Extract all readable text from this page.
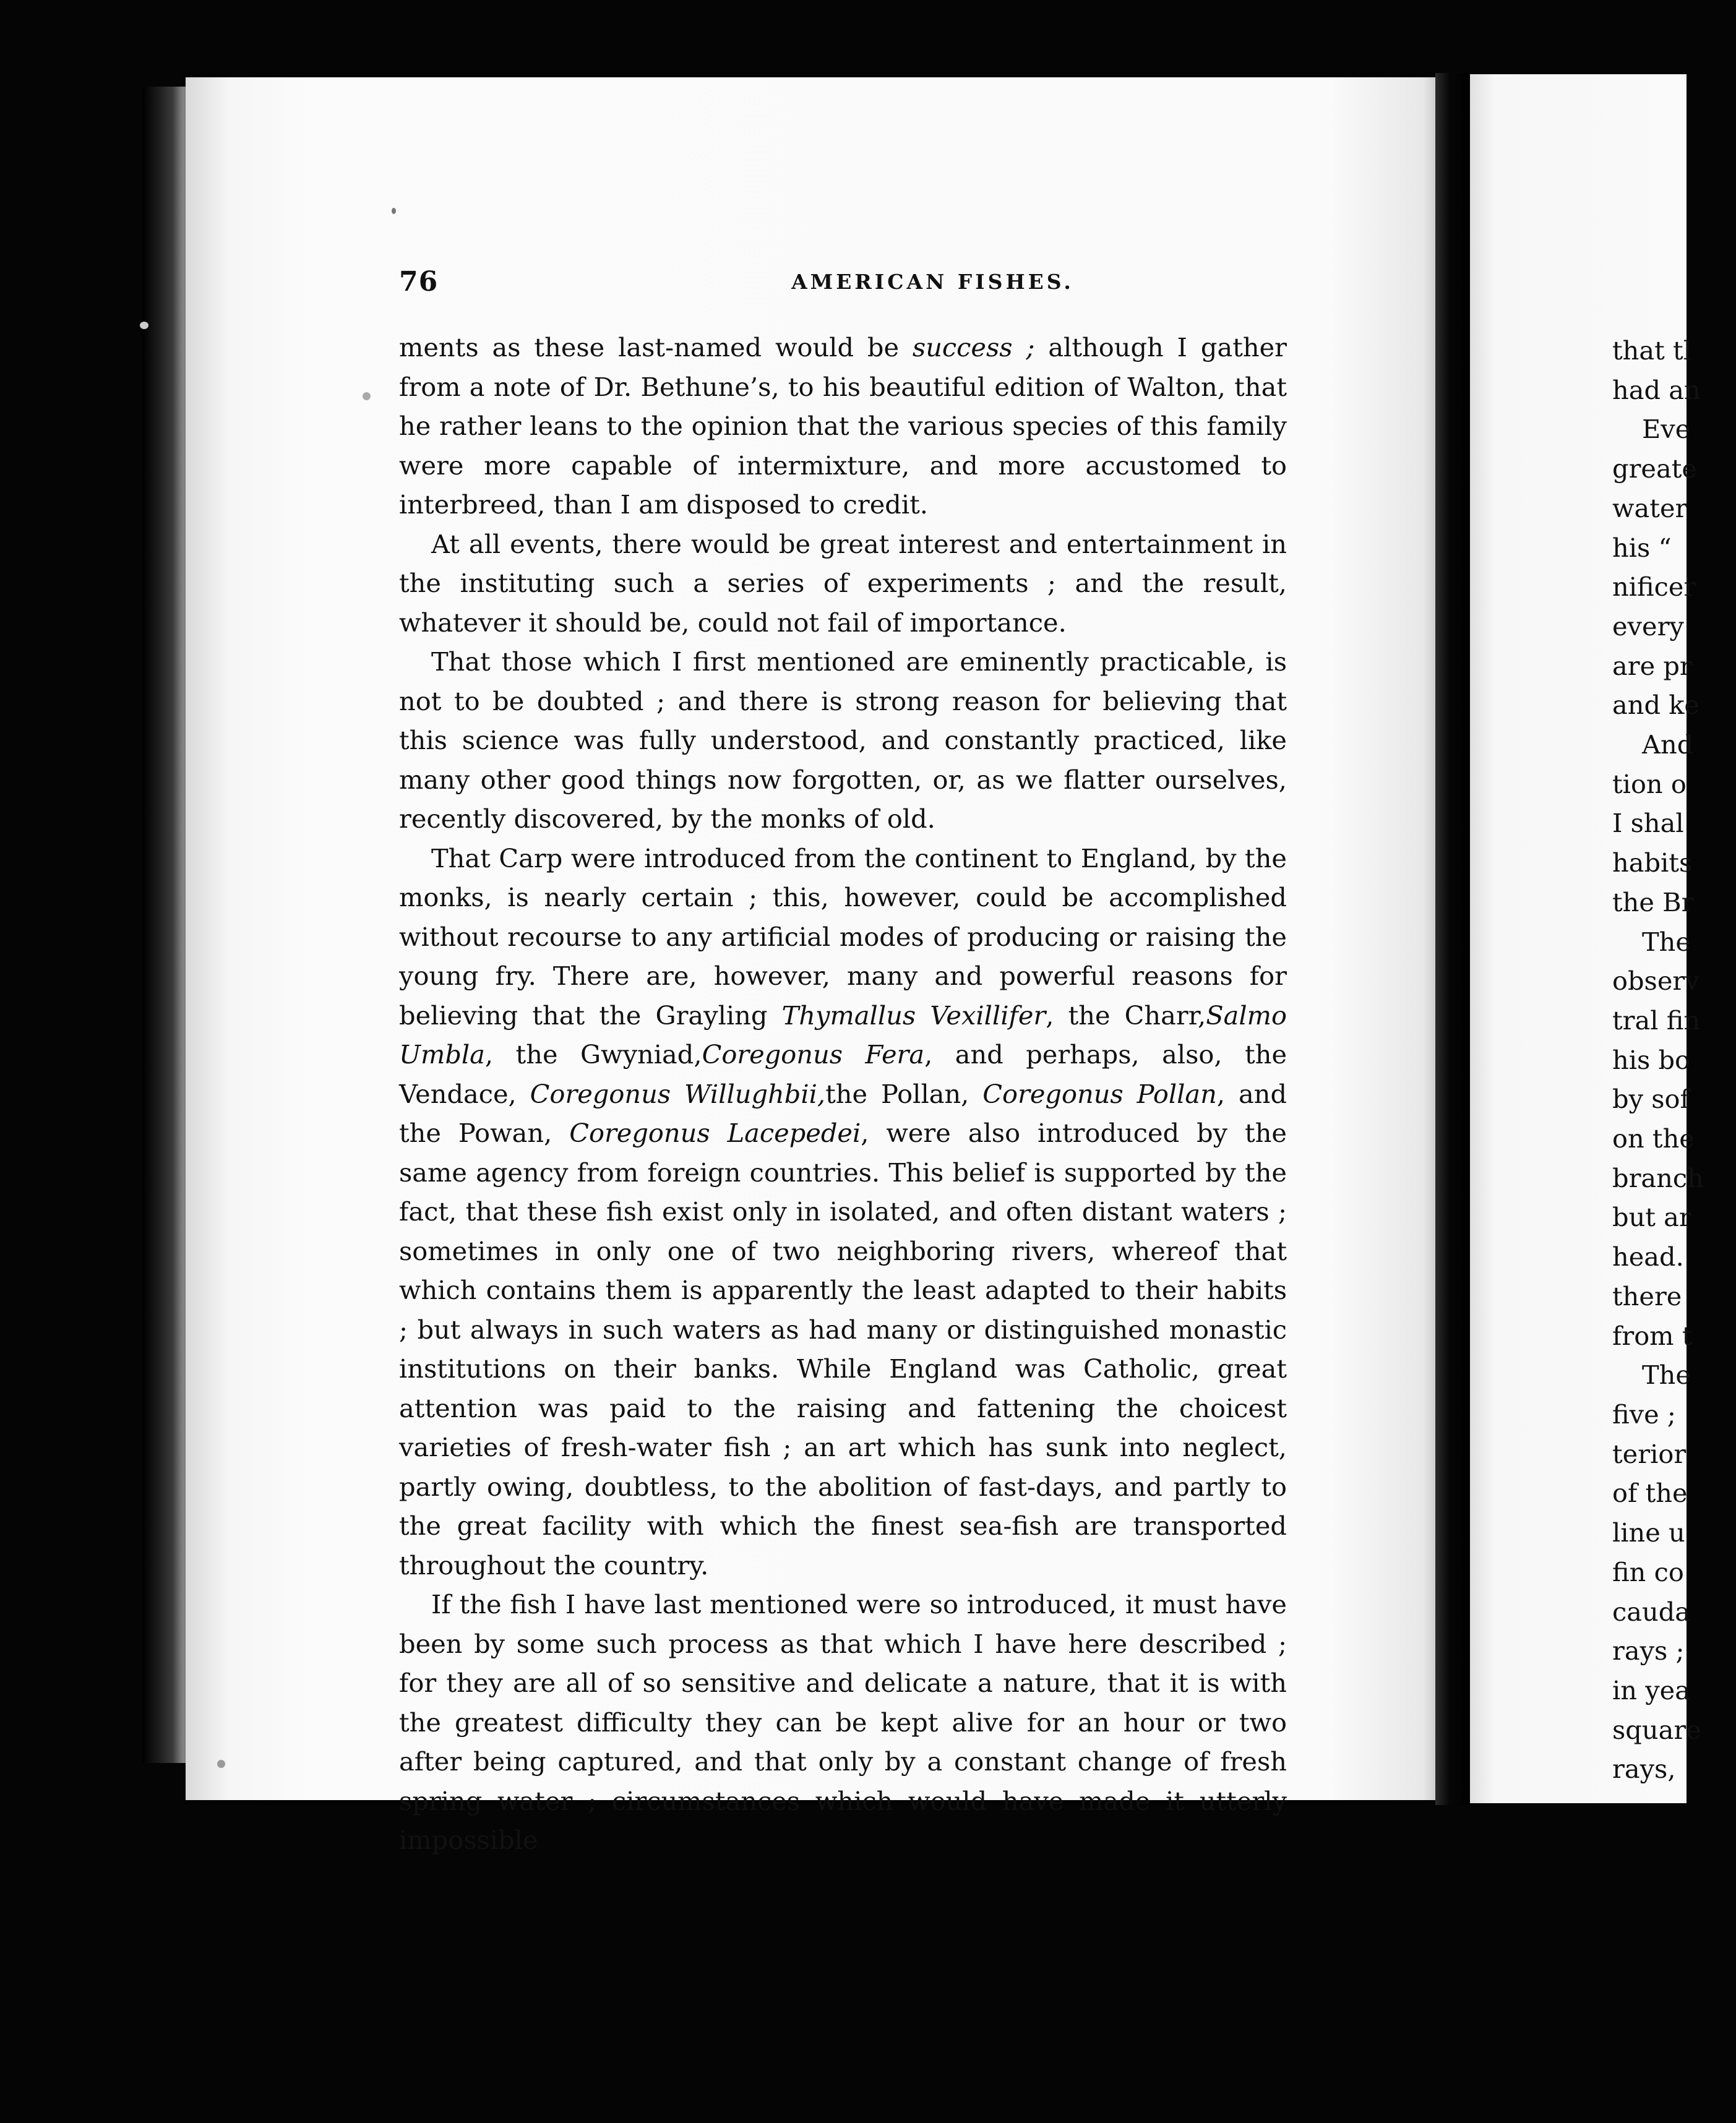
76	AMERICAN FISHES.

ments as these last-named would be success ; although I gather from a note of Dr. Bethune’s, to his beautiful edition of Walton, that he rather leans to the opinion that the various species of this family were more capable of intermixture, and more accustomed to interbreed, than I am disposed to credit.

At all events, there would be great interest and entertainment in the instituting such a series of experiments ; and the result, whatever it should be, could not fail of importance.

That those which I first mentioned are eminently practicable, is not to be doubted ; and there is strong reason for believing that this science was fully understood, and constantly practiced, like many other good things now forgotten, or, as we flatter ourselves, recently discovered, by the monks of old.

That Carp were introduced from the continent to England, by the monks, is nearly certain ; this, however, could be accomplished without recourse to any artificial modes of producing or raising the young fry. There are, however, many and powerful reasons for believing that the Grayling Thymallus Vexillifer, the Charr,Salmo Umbla, the Gwyniad,Coregonus Fera, and perhaps, also, the Vendace, Coregonus Willughbii,the Pollan, Coregonus Pollan, and the Powan, Coregonus Lacepedei, were also introduced by the same agency from foreign countries. This belief is supported by the fact, that these fish exist only in isolated, and often distant waters ; sometimes in only one of two neighboring rivers, whereof that which contains them is apparently the least adapted to their habits ; but always in such waters as had many or distinguished monastic institutions on their banks. While England was Catholic, great attention was paid to the raising and fattening the choicest varieties of fresh-water fish ; an art which has sunk into neglect, partly owing, doubtless, to the abolition of fast-days, and partly to the great facility with which the finest sea-fish are transported throughout the country.

If the fish I have last mentioned were so introduced, it must have been by some such process as that which I have here described ; for they are all of so sensitive and delicate a nature, that it is with the greatest difficulty they can be kept alive for an hour or two after being captured, and that only by a constant change of fresh spring water ; circumstances which would have made it utterly impossible

that tl
had an
Eve
greate
water
his “
nificer
every
are pr
and ke
And
tion o
I shal
habits
the Br
The
observ
tral fin
his bo
by sof
on the
branch
but ar
head.
there
from t
The
five ;
terior
of the
line u
fin co
cauda
rays ;
in yea
square
rays,
